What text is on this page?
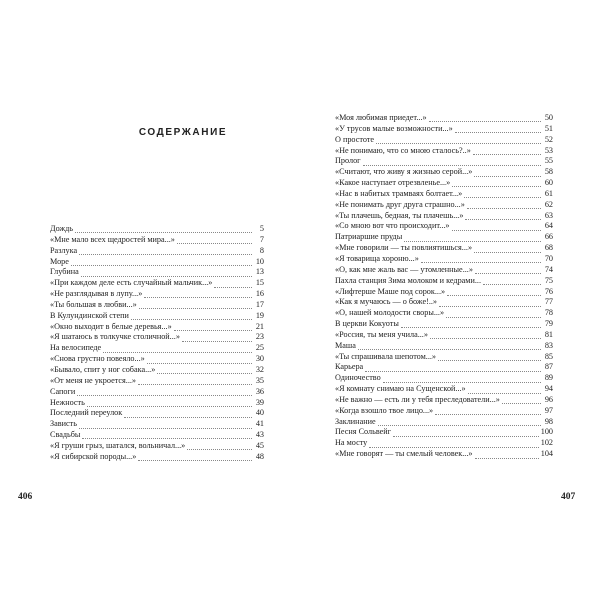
СОДЕРЖАНИЕ
Дождь	5
«Мне мало всех щедростей мира...»	7
Разлука	8
Море	10
Глубина	13
«При каждом деле есть случайный мальчик...»	15
«Не разглядывая в лупу...»	16
«Ты большая в любви...»	17
В Кулундинской степи	19
«Окно выходит в белые деревья...»	21
«Я шатаюсь в толкучке столичной...»	23
На велосипеде	25
«Снова грустно повеяло...»	30
«Бывало, спит у ног собака...»	32
«От меня не укроется...»	35
Сапоги	36
Нежность	39
Последний переулок	40
Зависть	41
Свадьбы	43
«Я груши грыз, шатался, вольничал...»	45
«Я сибирской породы...»	48
406
«Моя любимая приедет...»	50
«У трусов малые возможности...»	51
О простоте	52
«Не понимаю, что со мною сталось?..»	53
Пролог	55
«Считают, что живу я жизнью серой...»	58
«Какое наступает отрезвленье...»	60
«Нас в набитых трамваях болтает...»	61
«Не понимать друг друга страшно...»	62
«Ты плачешь, бедная, ты плачешь...»	63
«Со мною вот что происходит...»	64
Патриаршие пруды	66
«Мне говорили — ты повлиятишься...»	68
«Я товарища хороню...»	70
«О, как мне жаль вас — утомленные...»	74
Пахла станция Зима молоком и кедрами...	75
«Лифтерше Маше под сорок...»	76
«Как я мучаюсь — о боже!..»	77
«О, нашей молодости своры...»	78
В церкви Кокуоты	79
«Россия, ты меня учила...»	81
Маша	83
«Ты спрашивала шепотом...»	85
Карьера	87
Одиночество	89
«Я комнату снимаю на Сущенской...»	94
«Не важно — есть ли у тебя преследователи...»	96
«Когда взошло твое лицо...»	97
Заклинание	98
Песня Сольвейг	100
На мосту	102
«Мне говорят — ты смелый человек...»	104
407
